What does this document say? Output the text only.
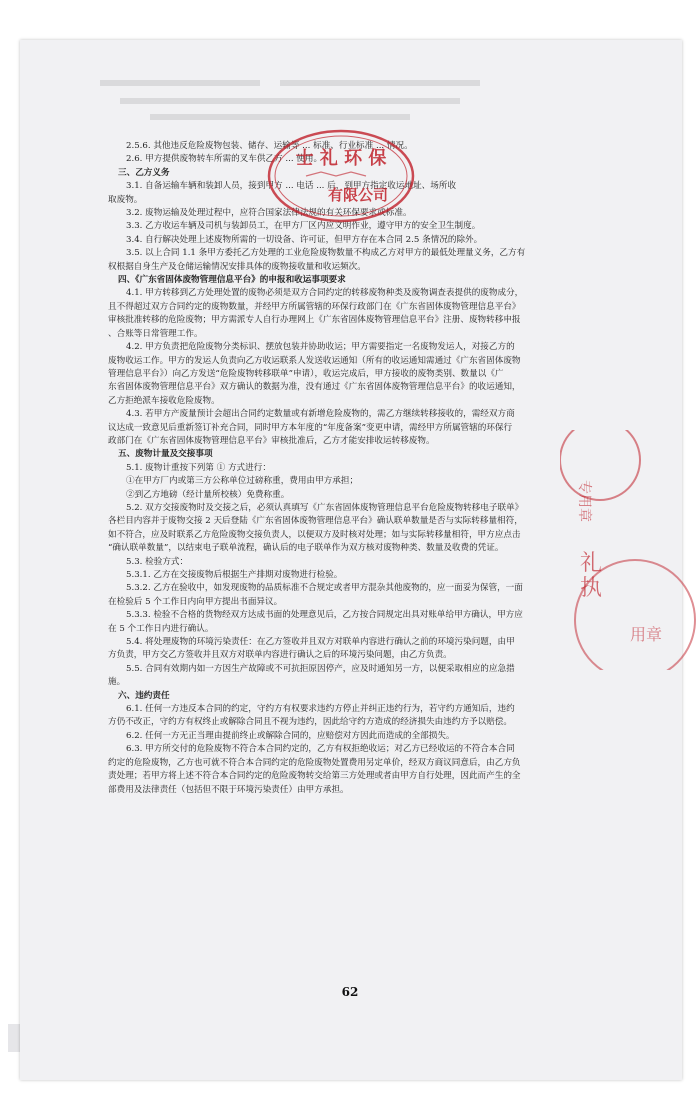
2.5.6. 其他违反危险废物包装、储存、运输等 ... 标准、行业标准 ... 情况。

2.6. 甲方提供废物转车所需的叉车供乙方 ... 使用。

三、乙方义务

3.1. 自备运输车辆和装卸人员，接到甲方 ... 电话 ... 后，到甲方指定收运地址、场所收

取废物。

3.2. 废物运输及处理过程中，应符合国家法律法规的有关环保要求或标准。

3.3. 乙方收运车辆及司机与装卸员工，在甲方厂区内应文明作业，遵守甲方的安全卫生制度。

3.4. 自行解决处理上述废物所需的一切设备、许可证，但甲方存在本合同 2.5 条情况的除外。

3.5. 以上合同 1.1 条甲方委托乙方处理的工业危险废物数量不构成乙方对甲方的最低处理量义务，乙方有

权根据自身生产及仓储运输情况安排具体的废物接收量和收运频次。

四、《广东省固体废物管理信息平台》的申报和收运事项要求

4.1. 甲方转移到乙方处理处置的废物必须是双方合同约定的转移废物种类及废物调查表提供的废物成分，

且不得超过双方合同约定的废物数量，并经甲方所属管辖的环保行政部门在《广东省固体废物管理信息平台》

审核批准转移的危险废物；甲方需派专人自行办理网上《广东省固体废物管理信息平台》注册、废物转移申报

、合账等日常管理工作。

4.2. 甲方负责把危险废物分类标识、摆放包装并协助收运；甲方需要指定一名废物发运人，对接乙方的

废物收运工作。甲方的发运人负责向乙方收运联系人发送收运通知（所有的收运通知需通过《广东省固体废物

管理信息平台》）向乙方发送“危险废物转移联单”申请），收运完成后，甲方接收的废物类别、数量以《广

东省固体废物管理信息平台》双方确认的数据为准，没有通过《广东省固体废物管理信息平台》的收运通知，

乙方拒绝派车接收危险废物。

4.3. 若甲方产废量预计会超出合同约定数量或有新增危险废物的，需乙方继续转移接收的，需经双方商

议达成一致意见后重新签订补充合同，同时甲方本年度的“年度备案”变更申请，需经甲方所属管辖的环保行

政部门在《广东省固体废物管理信息平台》审核批准后，乙方才能安排收运转移废物。

五、废物计量及交接事项

5.1. 废物计重按下列第 ① 方式进行：

①在甲方厂内或第三方公称单位过磅称重，费用由甲方承担；

②到乙方地磅（经计量所校核）免费称重。

5.2. 双方交接废物时及交接之后，必须认真填写《广东省固体废物管理信息平台危险废物转移电子联单》

各栏目内容并于废物交接 2 天后登陆《广东省固体废物管理信息平台》确认联单数量是否与实际转移量相符，

如不符合，应及时联系乙方危险废物交接负责人，以便双方及时核对处理；如与实际转移量相符，甲方应点击

“确认联单数量”，以结束电子联单流程，确认后的电子联单作为双方核对废物种类、数量及收费的凭证。

5.3. 检验方式：

5.3.1. 乙方在交接废物后根据生产排期对废物进行检验。

5.3.2. 乙方在验收中，如发现废物的品质标准不合规定或者甲方混杂其他废物的，应一面妥为保管，一面

在检验后 5 个工作日内向甲方提出书面异议。

5.3.3. 检验不合格的货物经双方达成书面的处理意见后，乙方按合同规定出具对账单给甲方确认，甲方应

在 5 个工作日内进行确认。

5.4. 将处理废物的环境污染责任：在乙方签收并且双方对联单内容进行确认之前的环境污染问题，由甲

方负责，甲方交乙方签收并且双方对联单内容进行确认之后的环境污染问题，由乙方负责。

5.5. 合同有效期内如一方因生产故障或不可抗拒原因停产，应及时通知另一方，以便采取相应的应急措

施。

六、违约责任

6.1. 任何一方违反本合同的约定，守约方有权要求违约方停止并纠正违约行为，若守约方通知后，违约

方仍不改正，守约方有权终止或解除合同且不视为违约，因此给守约方造成的经济损失由违约方予以赔偿。

6.2. 任何一方无正当理由提前终止或解除合同的，应赔偿对方因此而造成的全部损失。

6.3. 甲方所交付的危险废物不符合本合同约定的，乙方有权拒绝收运；对乙方已经收运的不符合本合同

约定的危险废物，乙方也可就不符合本合同约定的危险废物处置费用另定单价，经双方商议同意后，由乙方负

责处理；若甲方将上述不符合本合同约定的危险废物转交给第三方处理或者由甲方自行处理，因此而产生的全

部费用及法律责任（包括但不限于环境污染责任）由甲方承担。

士 礼 环 保
有限公司
专用章
礼
执
用章
62
